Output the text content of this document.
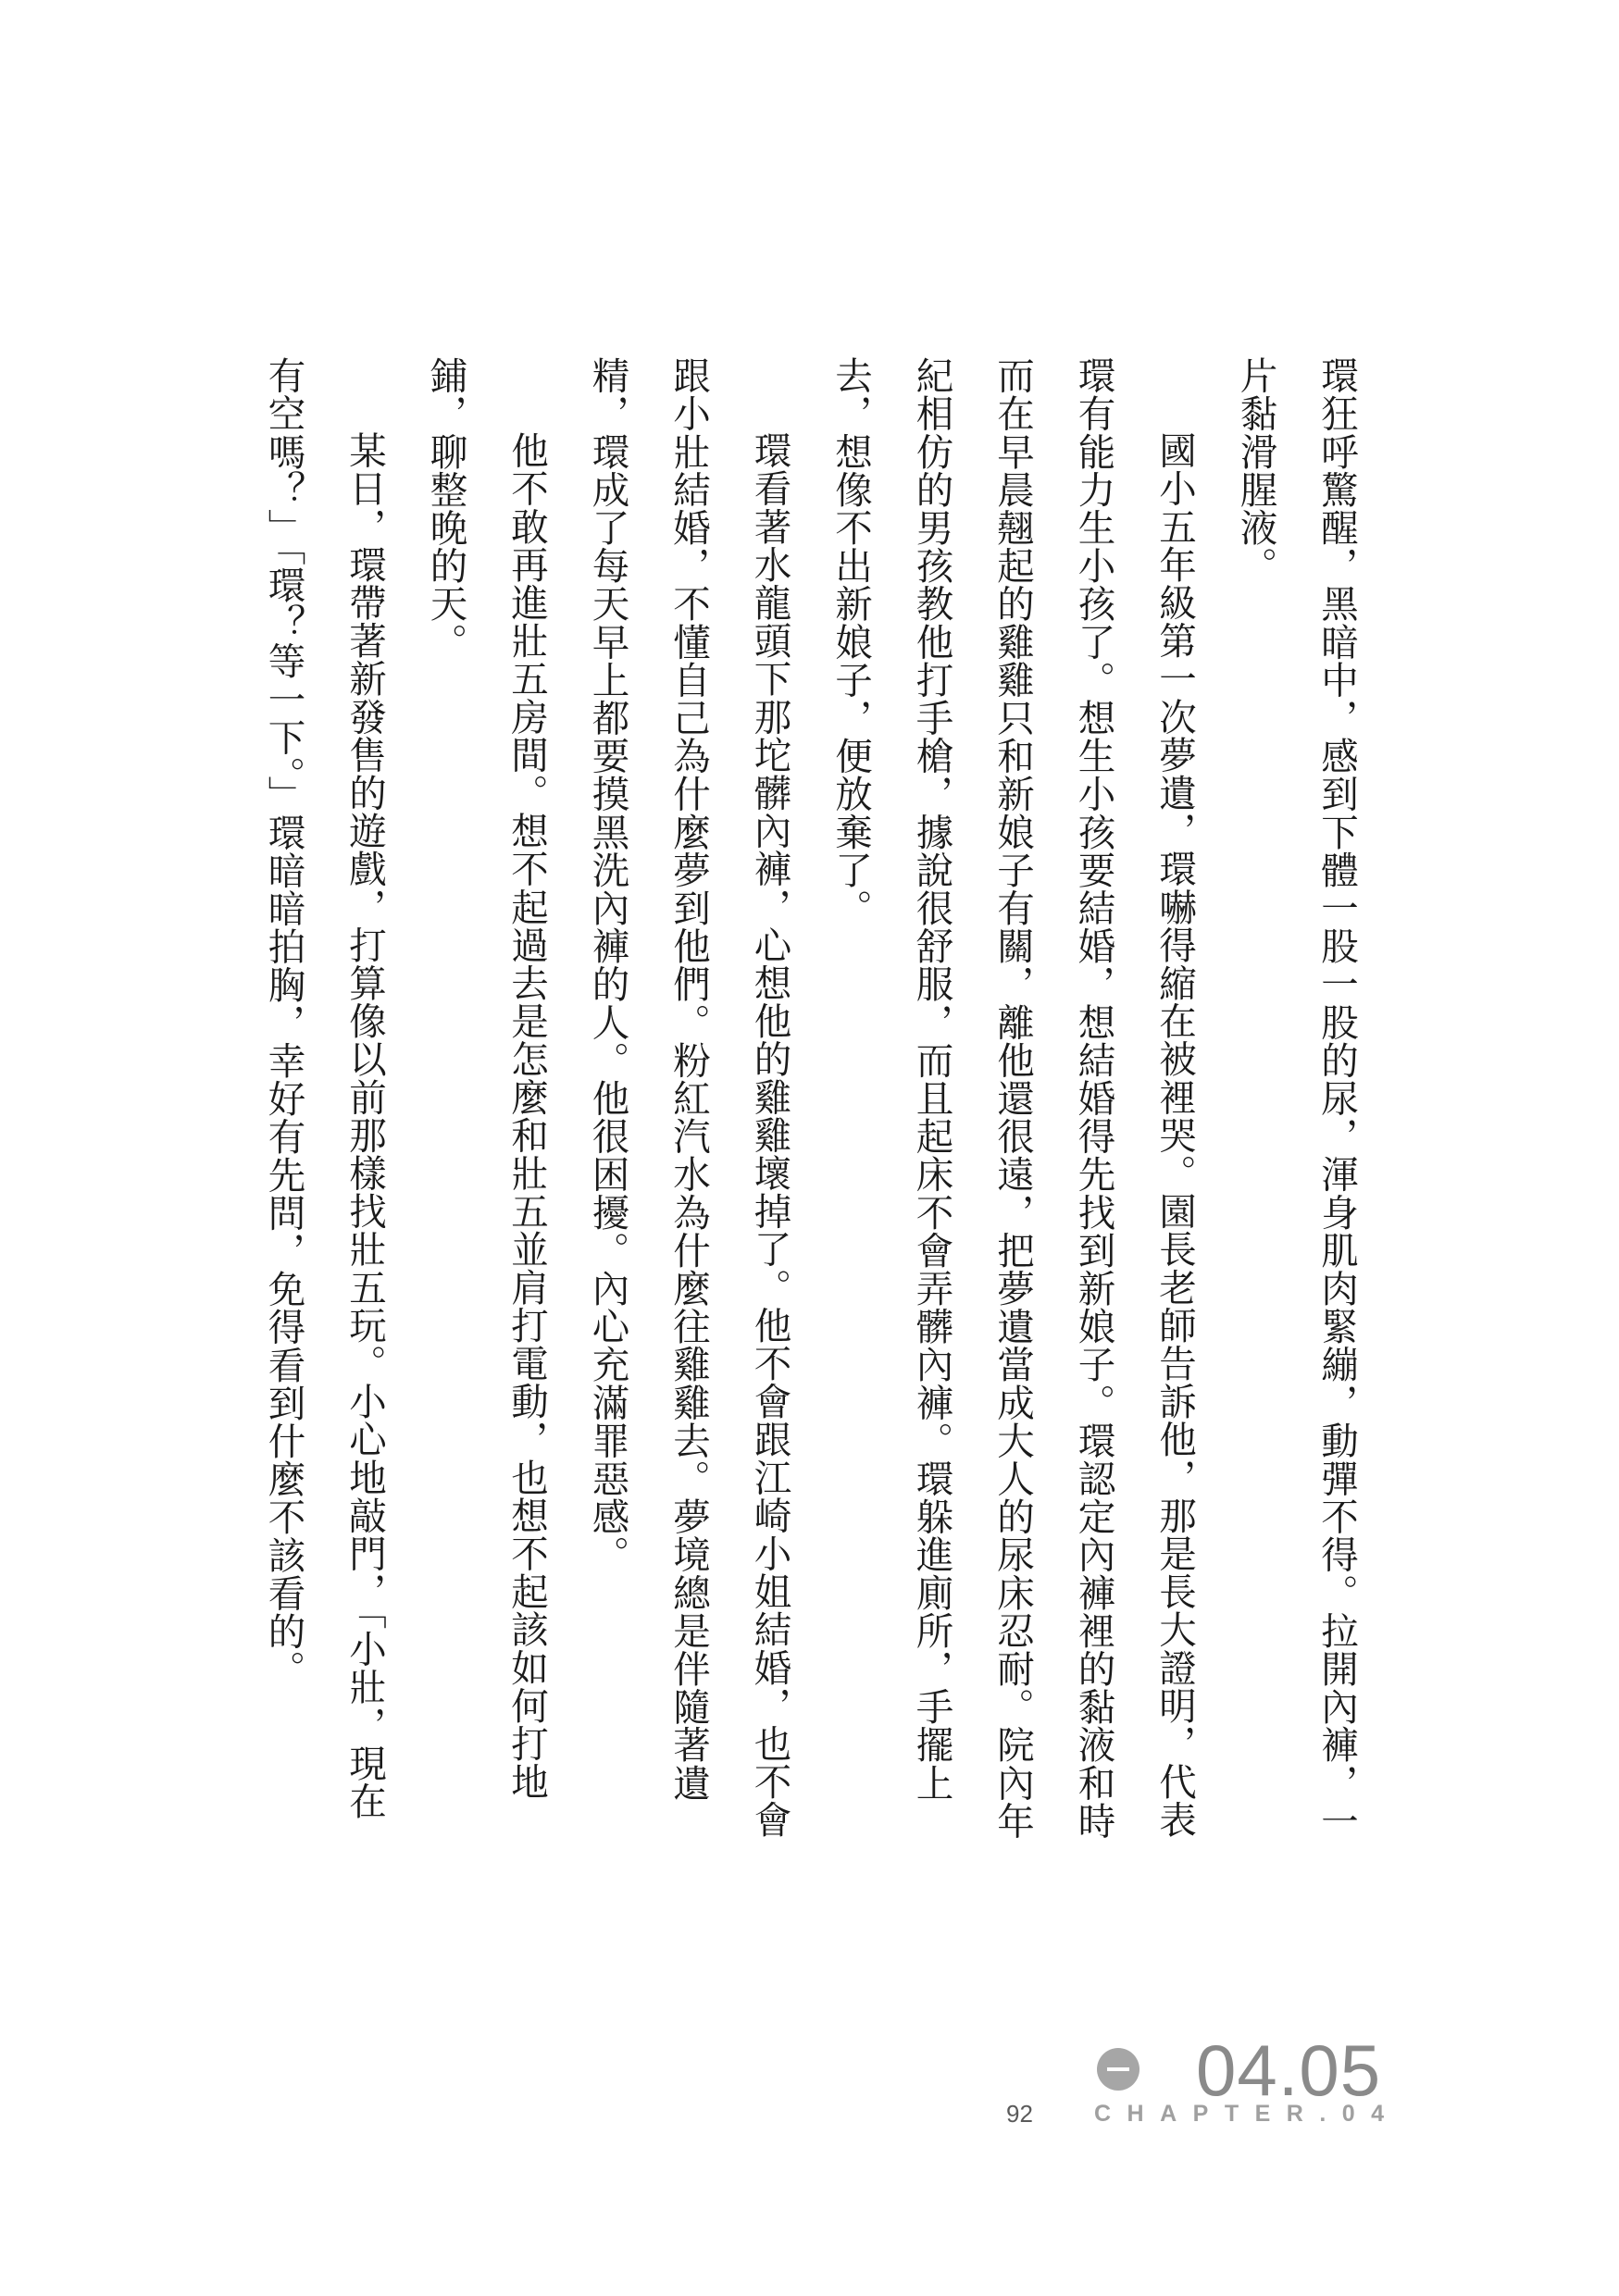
環狂呼驚醒，黑暗中，感到下體一股一股的尿，渾身肌肉緊繃，動彈不得。拉開內褲，一片黏滑腥液。

國小五年級第一次夢遺，環嚇得縮在被裡哭。園長老師告訴他，那是長大證明，代表環有能力生小孩了。想生小孩要結婚，想結婚得先找到新娘子。環認定內褲裡的黏液和時而在早晨翹起的雞雞只和新娘子有關，離他還很遠，把夢遺當成大人的尿床忍耐。院內年紀相仿的男孩教他打手槍，據說很舒服，而且起床不會弄髒內褲。環躲進廁所，手擺上去，想像不出新娘子，便放棄了。

環看著水龍頭下那坨髒內褲，心想他的雞雞壞掉了。他不會跟江崎小姐結婚，也不會跟小壯結婚，不懂自己為什麼夢到他們。粉紅汽水為什麼往雞雞去。夢境總是伴隨著遺精，環成了每天早上都要摸黑洗內褲的人。他很困擾。內心充滿罪惡感。

他不敢再進壯五房間。想不起過去是怎麼和壯五並肩打電動，也想不起該如何打地鋪，聊整晚的天。

某日，環帶著新發售的遊戲，打算像以前那樣找壯五玩。小心地敲門，「小壯，現在有空嗎？」「環？等一下。」環暗暗拍胸，幸好有先問，免得看到什麼不該看的。

04.05
92	CHAPTER.04
